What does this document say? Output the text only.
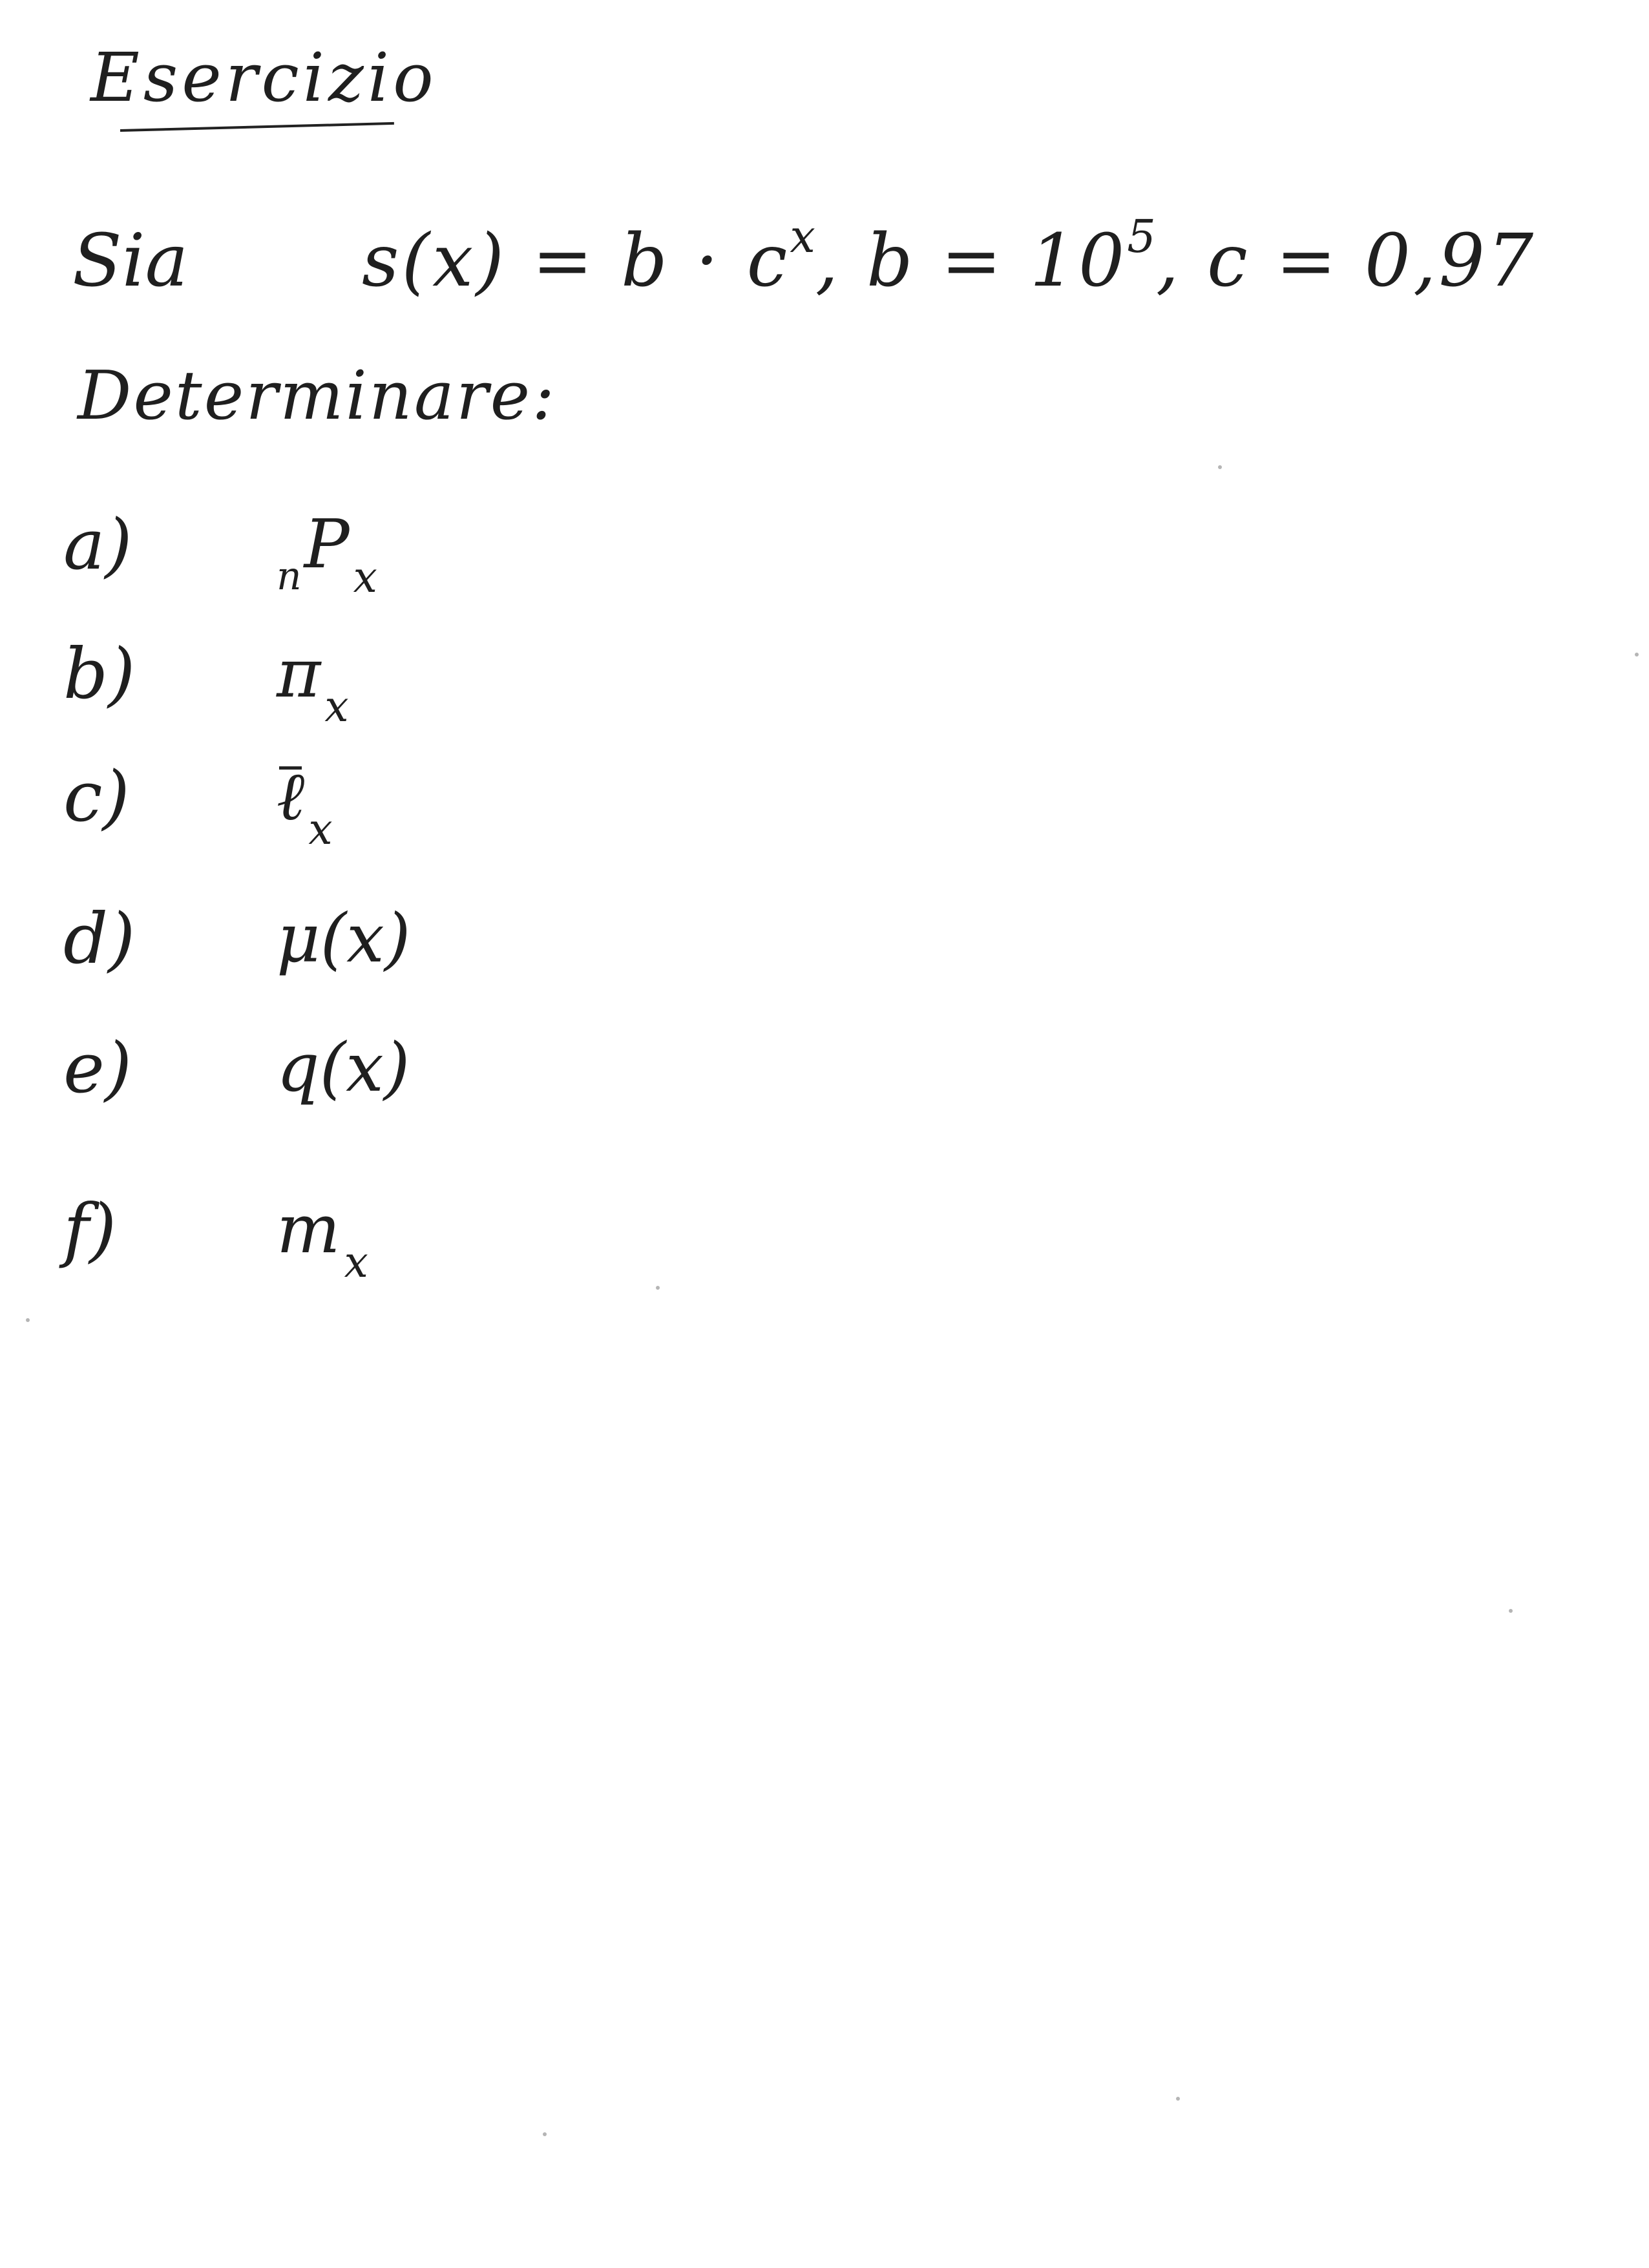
Esercizio
Sia $s(x) = b \cdot c^x$, $b = 10^5$, c = 0,97
Determinare:
a)	$_nP_x$
b) $\pi_x$
c) ℓ$_x$
d) μ(x)
e) q(x)
f) $m_x$
